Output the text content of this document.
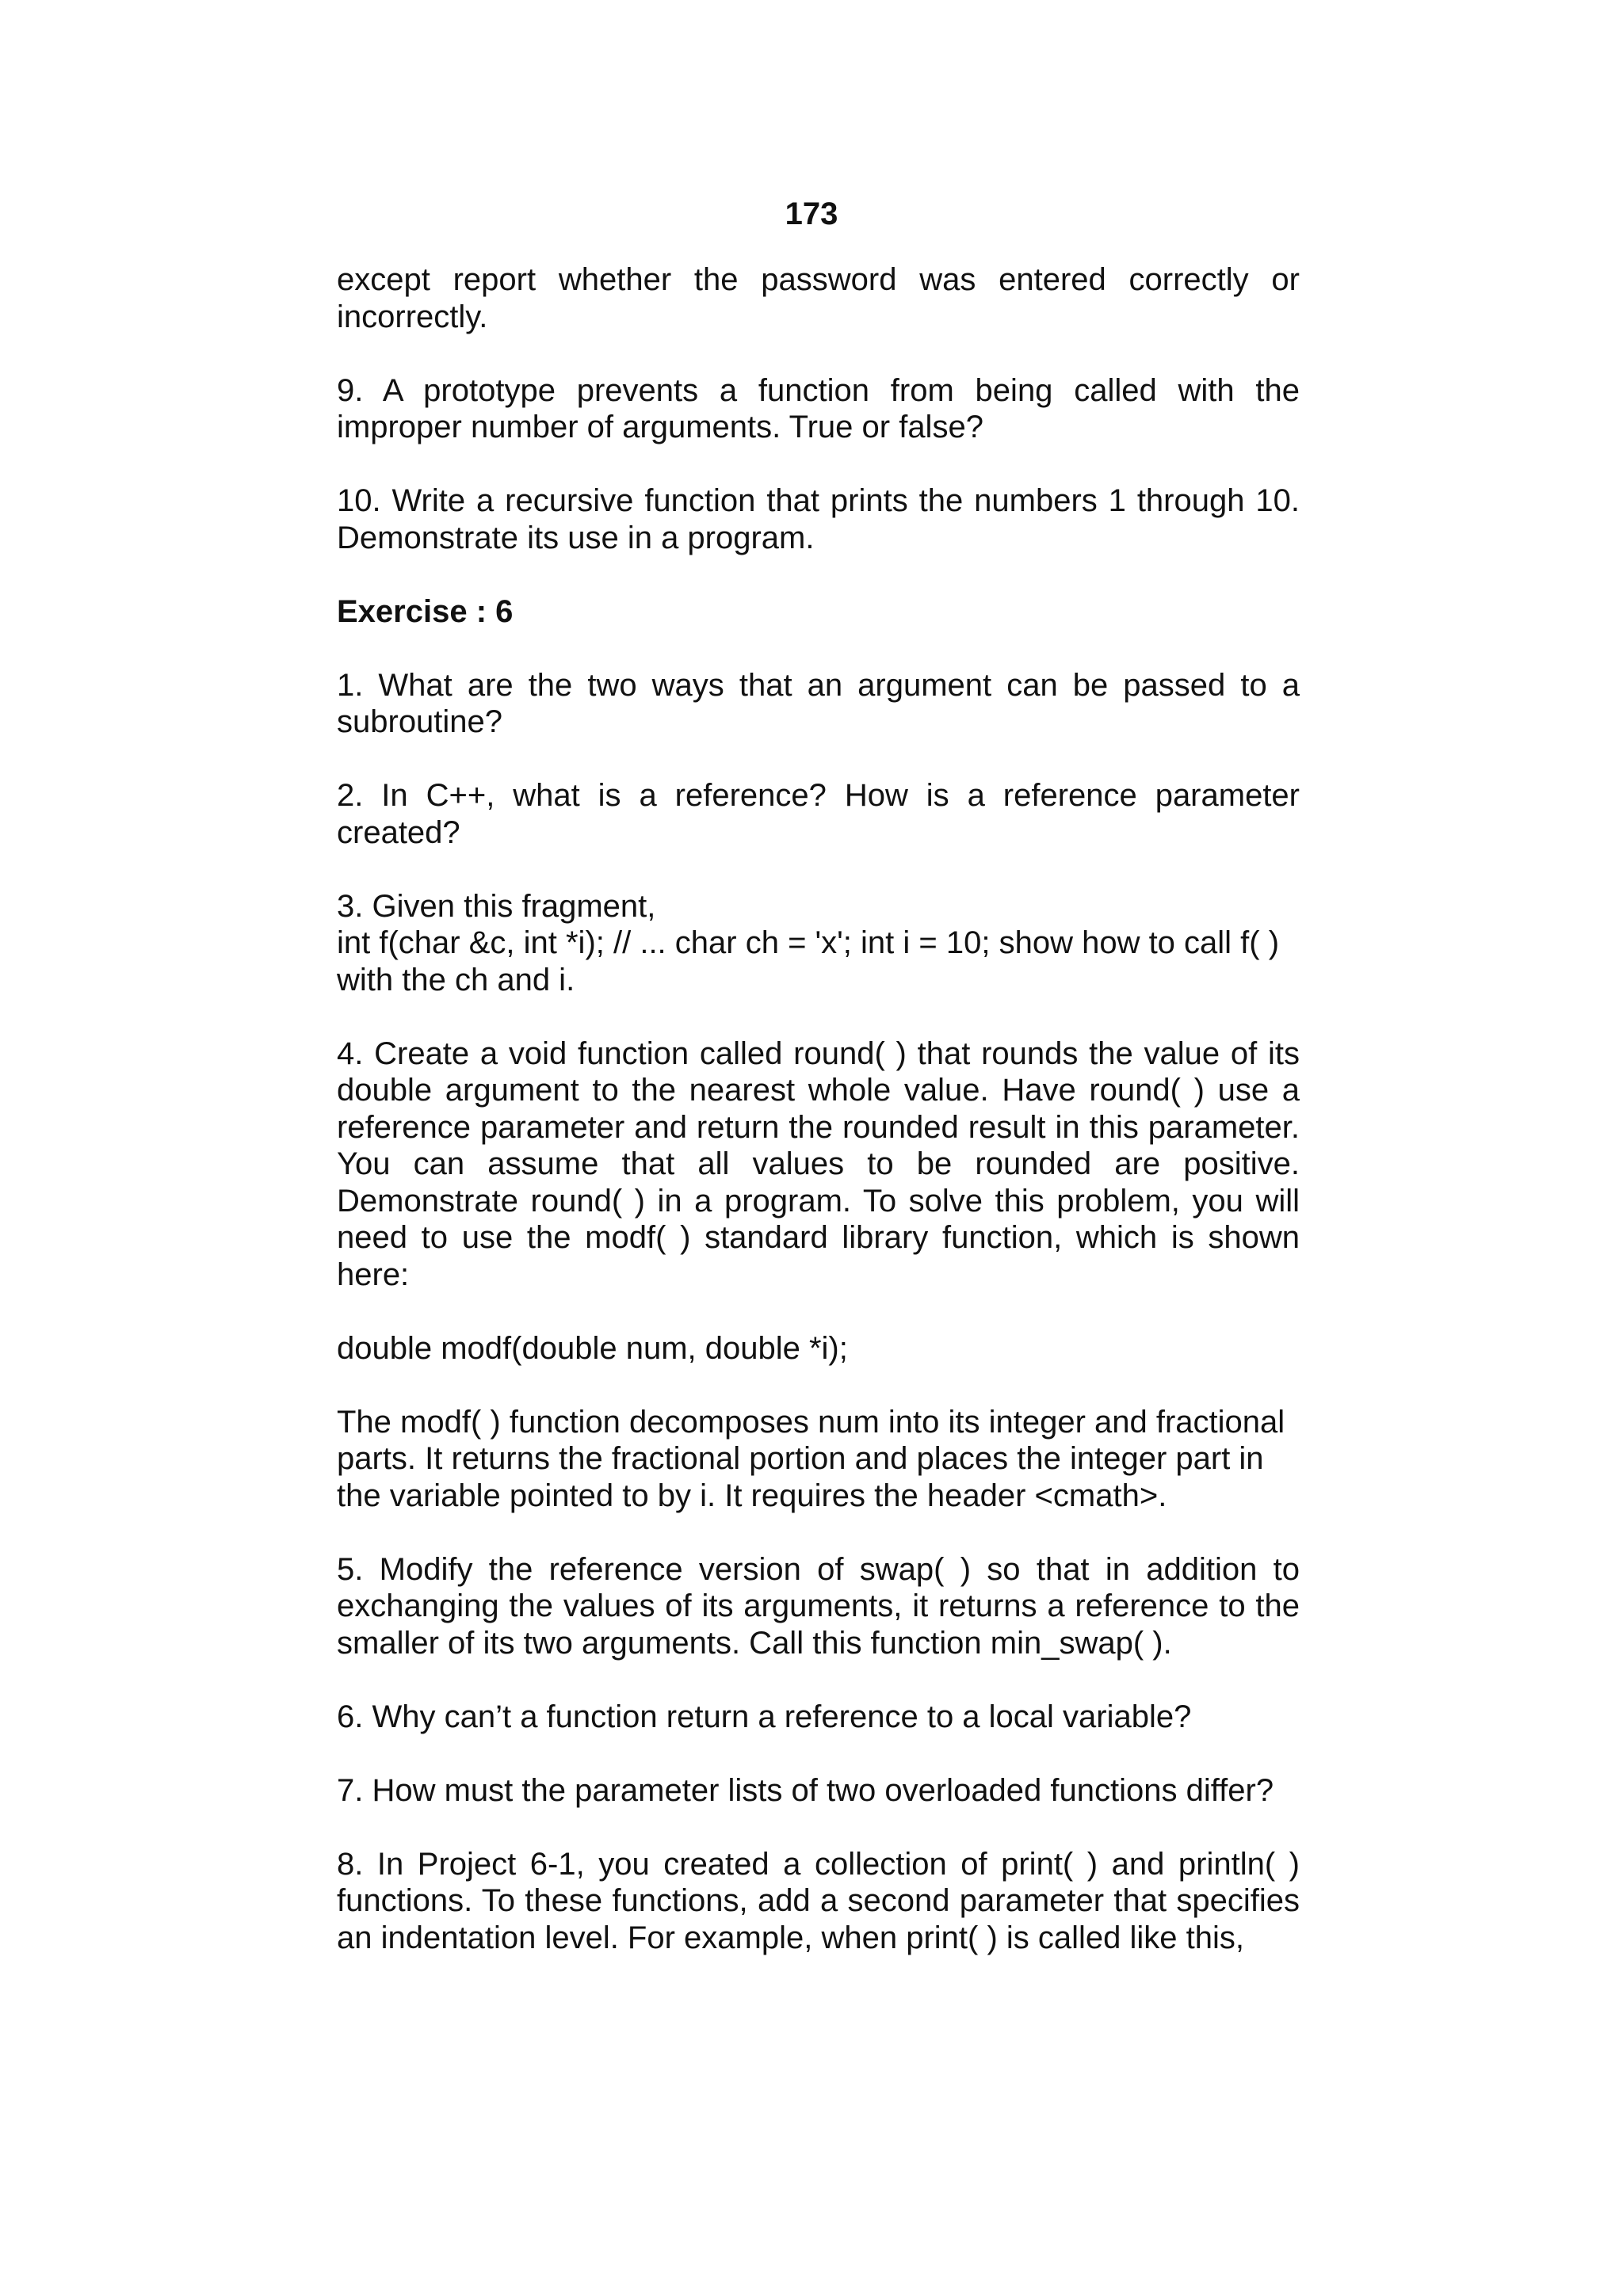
173

except report whether the password was entered correctly or incorrectly.

9. A prototype prevents a function from being called with the improper number of arguments. True or false?

10. Write a recursive function that prints the numbers 1 through 10. Demonstrate its use in a program.

Exercise : 6

1. What are the two ways that an argument can be passed to a subroutine?

2. In C++, what is a reference? How is a reference parameter created?

3. Given this fragment,
int f(char &c, int *i); // ... char ch = 'x'; int i = 10; show how to call f( ) with the ch and i.

4. Create a void function called round( ) that rounds the value of its double argument to the nearest whole value. Have round( ) use a reference parameter and return the rounded result in this parameter. You can assume that all values to be rounded are positive. Demonstrate round( ) in a program. To solve this problem, you will need to use the modf( ) standard library function, which is shown here:

double modf(double num, double *i);

The modf( ) function decomposes num into its integer and fractional parts. It returns the fractional portion and places the integer part in the variable pointed to by i. It requires the header <cmath>.

5. Modify the reference version of swap( ) so that in addition to exchanging the values of its arguments, it returns a reference to the smaller of its two arguments. Call this function min_swap( ).

6. Why can’t a function return a reference to a local variable?

7. How must the parameter lists of two overloaded functions differ?

8. In Project 6-1, you created a collection of print( ) and println( ) functions. To these functions, add a second parameter that specifies an indentation level. For example, when print( ) is called like this,
